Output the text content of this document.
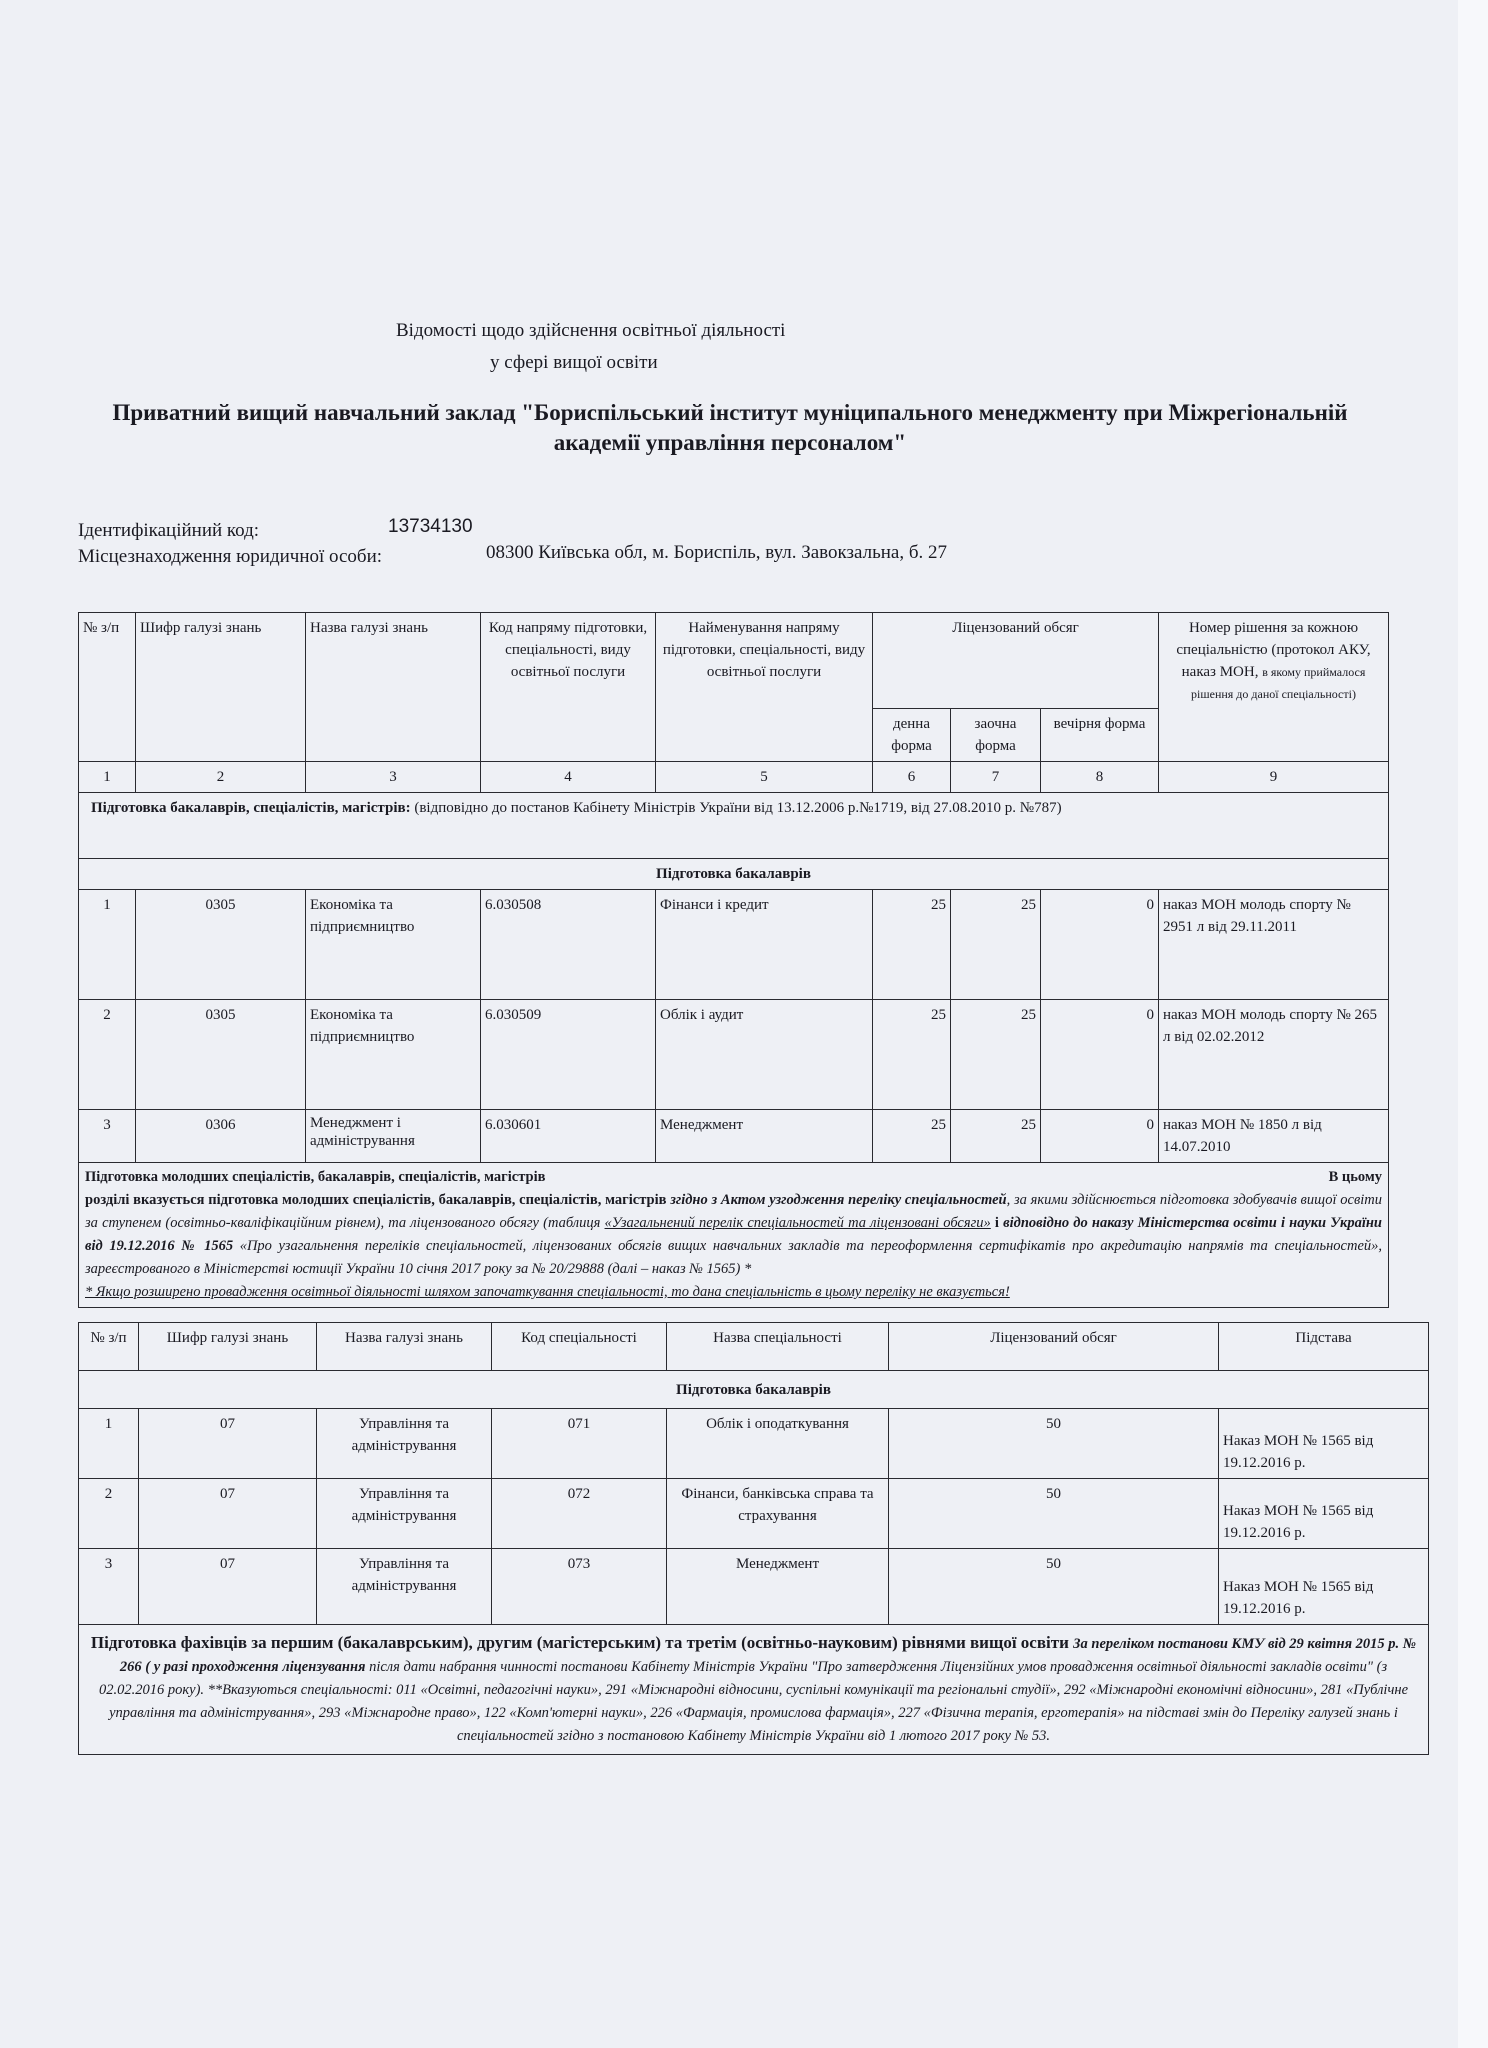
Відомості щодо здійснення освітньої діяльності
у сфері вищої освіти
Приватний вищий навчальний заклад "Бориспільський інститут муніципального менеджменту при Міжрегіональній академії управління персоналом"
Ідентифікаційний код:	13734130
Місцезнаходження юридичної особи:	08300 Київська обл, м. Бориспіль, вул. Завокзальна, б. 27
№ з/п	Шифр галузі знань	Назва галузі знань	Код напряму підготовки, спеціальності, виду освітньої послуги	Найменування напряму підготовки, спеціальності, виду освітньої послуги	Ліцензований обсяг			Номер рішення за кожною спеціальністю (протокол АКУ, наказ МОН, в якому приймалося рішення до даної спеціальності)
					денна форма	заочна форма	вечірня форма	
1	2	3	4	5	6	7	8	9
Підготовка бакалаврів, спеціалістів, магістрів: (відповідно до постанов Кабінету Міністрів України від 13.12.2006 р.№1719, від 27.08.2010 р. №787)								
Підготовка бакалаврів								
1	0305	Економіка та підприємництво	6.030508	Фінанси і кредит	25	25	0	наказ МОН молодь спорту № 2951 л від 29.11.2011
2	0305	Економіка та підприємництво	6.030509	Облік і аудит	25	25	0	наказ МОН молодь спорту № 265 л від 02.02.2012
3	0306	Менеджмент і адміністрування	6.030601	Менеджмент	25	25	0	наказ МОН № 1850 л від 14.07.2010

Підготовка молодших спеціалістів, бакалаврів, спеціалістів, магістрів В цьому
розділі вказується підготовка молодших спеціалістів, бакалаврів, спеціалістів, магістрів згідно з Актом узгодження переліку спеціальностей, за якими здійснюється підготовка здобувачів вищої освіти за ступенем (освітньо-кваліфікаційним рівнем), та ліцензованого обсягу (таблиця «Узагальнений перелік спеціальностей та ліцензовані обсяги» і відповідно до наказу Міністерства освіти і науки України від 19.12.2016 № 1565 «Про узагальнення переліків спеціальностей, ліцензованих обсягів вищих навчальних закладів та переоформлення сертифікатів про акредитацію напрямів та спеціальностей», зареєстрованого в Міністерстві юстиції України 10 січня 2017 року за № 20/29888 (далі – наказ № 1565) *
* Якщо розширено провадження освітньої діяльності шляхом започаткування спеціальності, то дана спеціальність в цьому переліку не вказується!								
№ з/п	Шифр галузі знань	Назва галузі знань	Код спеціальності	Назва спеціальності	Ліцензований обсяг	Підстава
Підготовка бакалаврів						
1	07	Управління та адміністрування	071	Облік і оподаткування	50	Наказ МОН № 1565 від 19.12.2016 р.
2	07	Управління та адміністрування	072	Фінанси, банківська справа та страхування	50	Наказ МОН № 1565 від 19.12.2016 р.
3	07	Управління та адміністрування	073	Менеджмент	50	Наказ МОН № 1565 від 19.12.2016 р.
Підготовка фахівців за першим (бакалаврським), другим (магістерським) та третім (освітньо-науковим) рівнями вищої освіти За переліком постанови КМУ від 29 квітня 2015 р. № 266 ( у разі проходження ліцензування після дати набрання чинності постанови Кабінету Міністрів України "Про затвердження Ліцензійних умов провадження освітньої діяльності закладів освіти" (з 02.02.2016 року). **Вказуються спеціальності: 011 «Освітні, педагогічні науки», 291 «Міжнародні відносини, суспільні комунікації та регіональні студії», 292 «Міжнародні економічні відносини», 281 «Публічне управління та адміністрування», 293 «Міжнародне право», 122 «Комп'ютерні науки», 226 «Фармація, промислова фармація», 227 «Фізична терапія, ерготерапія» на підставі змін до Переліку галузей знань і спеціальностей згідно з постановою Кабінету Міністрів України від 1 лютого 2017 року № 53.						
